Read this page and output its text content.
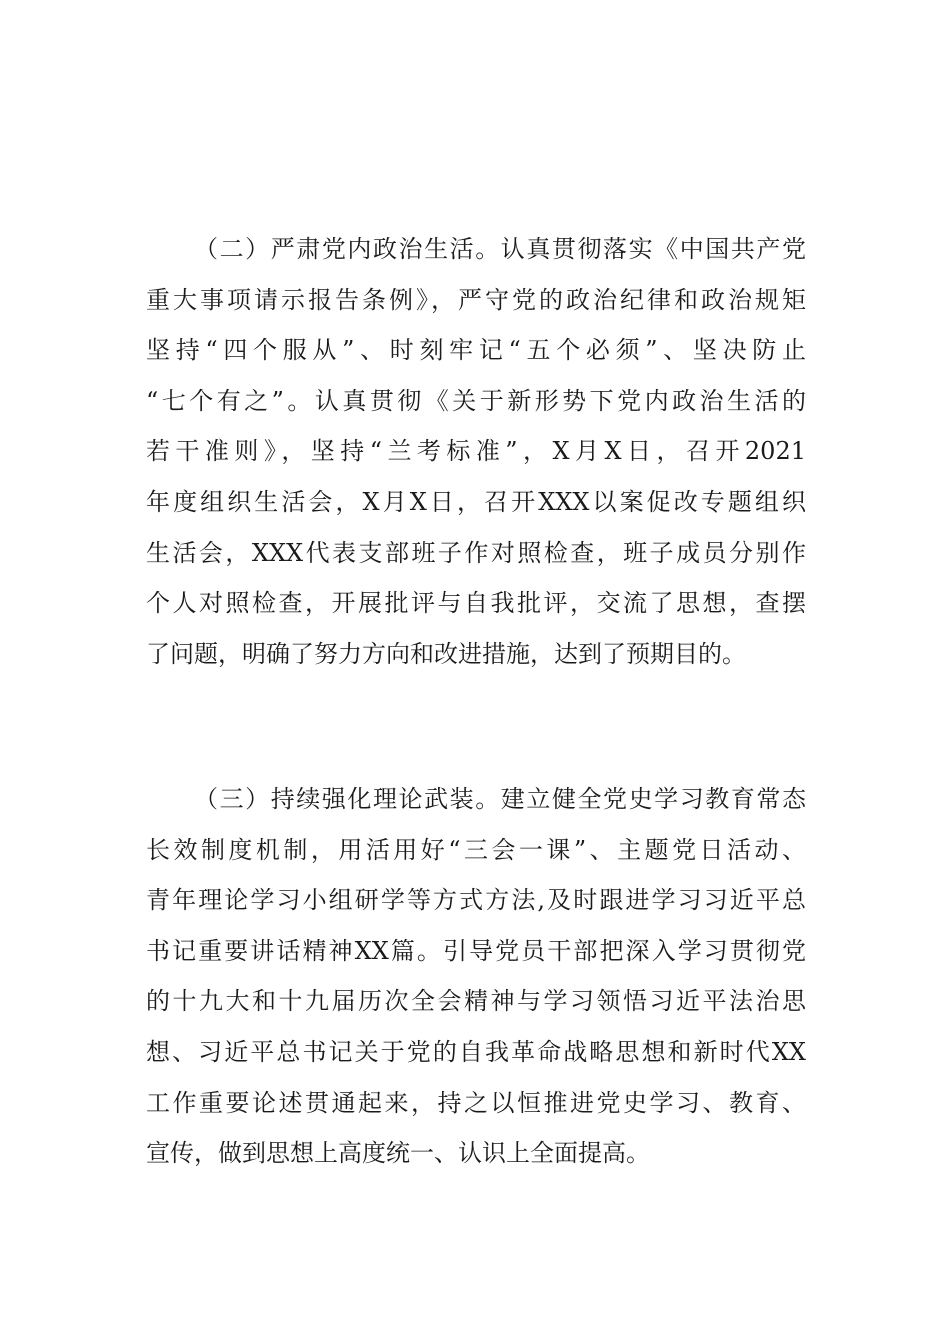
（二）严肃党内政治生活。认真贯彻落实《中国共产党
重大事项请示报告条例》，严守党的政治纪律和政治规矩
坚持“四个服从”、时刻牢记“五个必须”、坚决防止
“七个有之”。认真贯彻《关于新形势下党内政治生活的
若干准则》，坚持“兰考标准”，X月X日，召开2021
年度组织生活会，X月X日，召开XXX以案促改专题组织
生活会，XXX代表支部班子作对照检查，班子成员分别作
个人对照检查，开展批评与自我批评，交流了思想，查摆
了问题，明确了努力方向和改进措施，达到了预期目的。
（三）持续强化理论武装。建立健全党史学习教育常态
长效制度机制，用活用好“三会一课”、主题党日活动、
青年理论学习小组研学等方式方法,及时跟进学习习近平总
书记重要讲话精神XX篇。引导党员干部把深入学习贯彻党
的十九大和十九届历次全会精神与学习领悟习近平法治思
想、习近平总书记关于党的自我革命战略思想和新时代XX
工作重要论述贯通起来，持之以恒推进党史学习、教育、
宣传，做到思想上高度统一、认识上全面提高。
